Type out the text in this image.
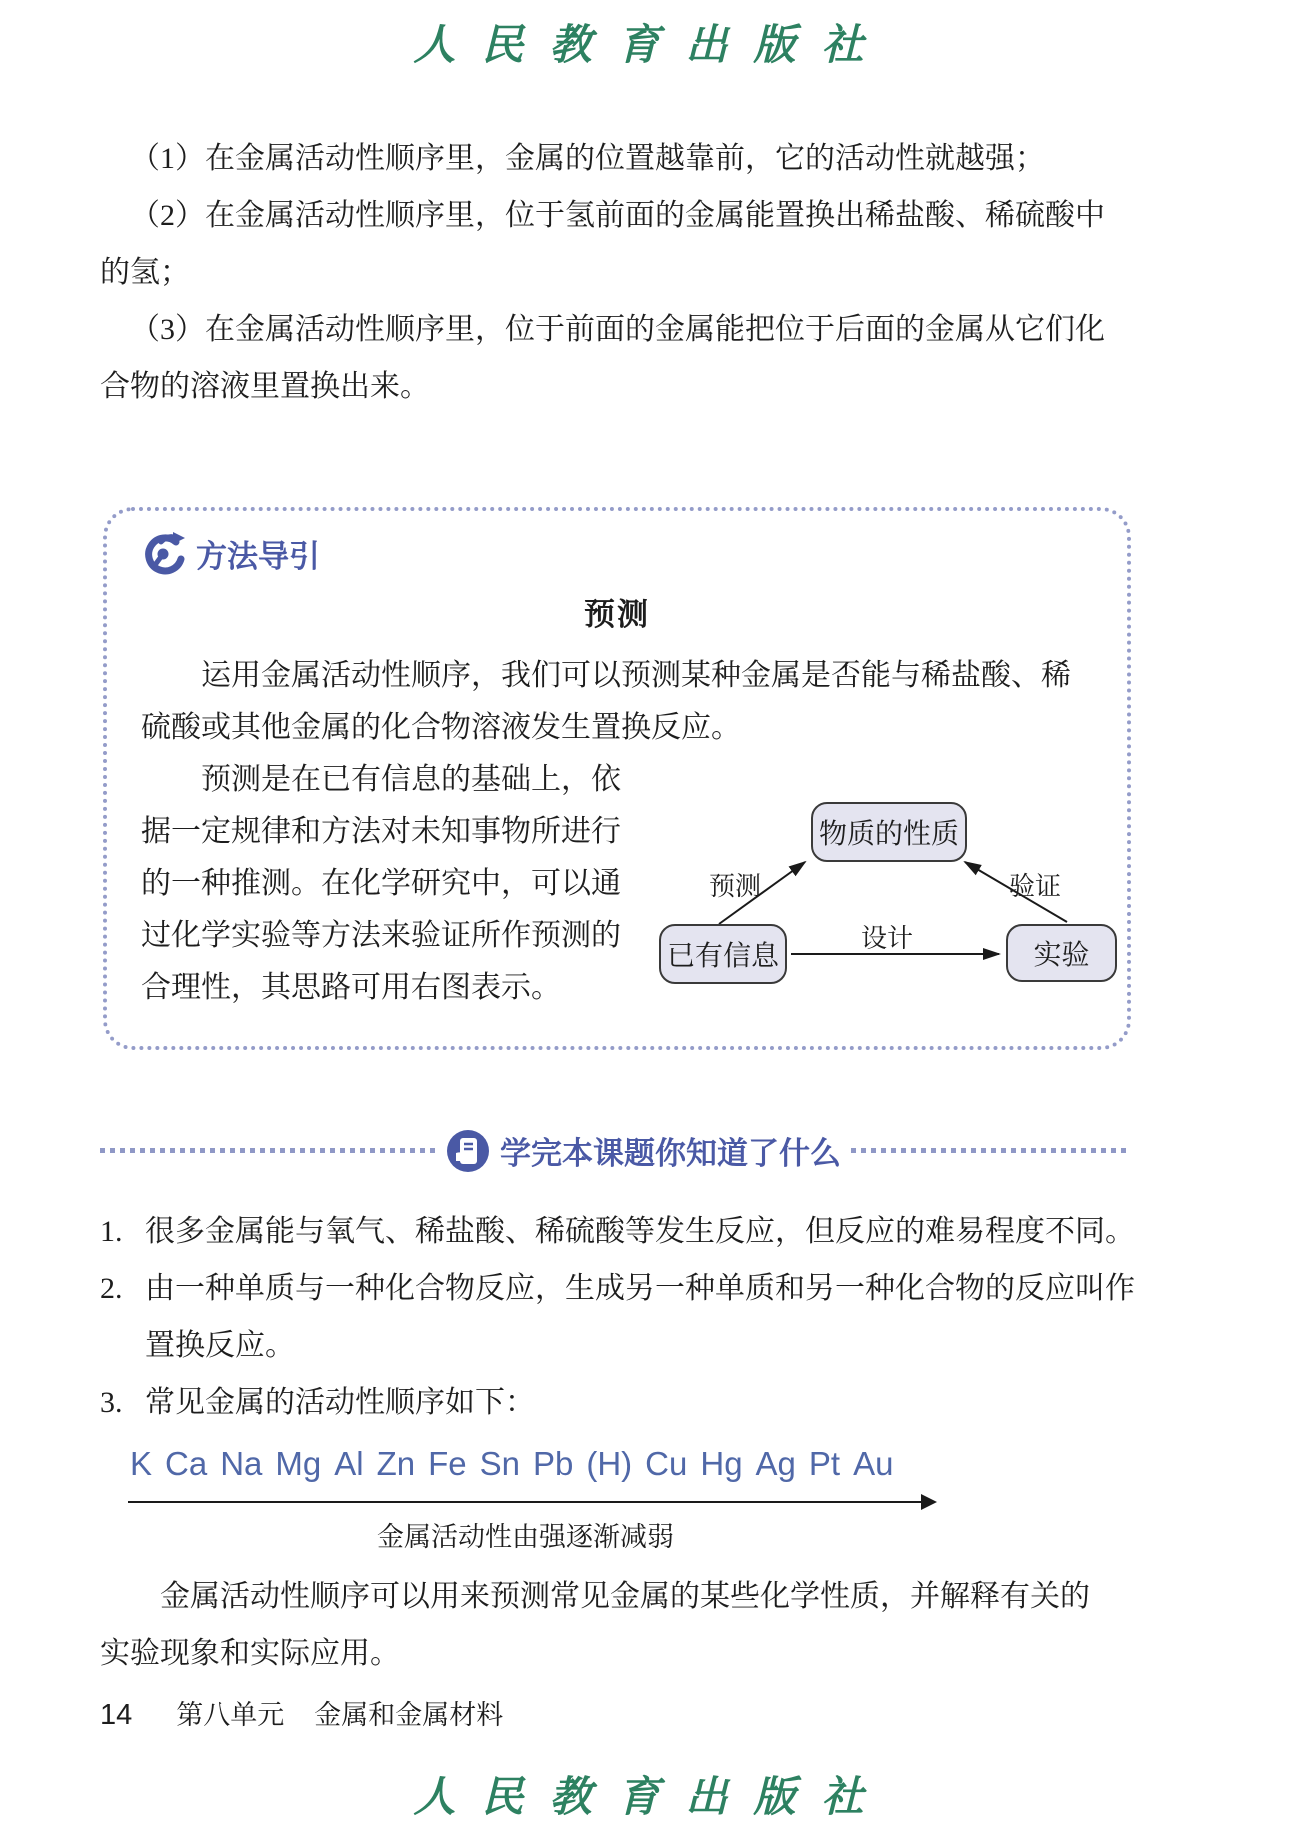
人民教育出版社

（1）在金属活动性顺序里，金属的位置越靠前，它的活动性就越强；

（2）在金属活动性顺序里，位于氢前面的金属能置换出稀盐酸、稀硫酸中的氢；

（3）在金属活动性顺序里，位于前面的金属能把位于后面的金属从它们化合物的溶液里置换出来。

方法导引
预测

运用金属活动性顺序，我们可以预测某种金属是否能与稀盐酸、稀硫酸或其他金属的化合物溶液发生置换反应。

预测是在已有信息的基础上，依据一定规律和方法对未知事物所进行的一种推测。在化学研究中，可以通过化学实验等方法来验证所作预测的合理性，其思路可用右图表示。

物质的性质
已有信息	实验
预测	验证
设计
学完本课题你知道了什么
1. 很多金属能与氧气、稀盐酸、稀硫酸等发生反应，但反应的难易程度不同。
2. 由一种单质与一种化合物反应，生成另一种单质和另一种化合物的反应叫作置换反应。
3. 常见金属的活动性顺序如下：
K Ca Na Mg Al Zn Fe Sn Pb (H) Cu Hg Ag Pt Au
金属活动性由强逐渐减弱

金属活动性顺序可以用来预测常见金属的某些化学性质，并解释有关的实验现象和实际应用。

14 第八单元 金属和金属材料
人民教育出版社
